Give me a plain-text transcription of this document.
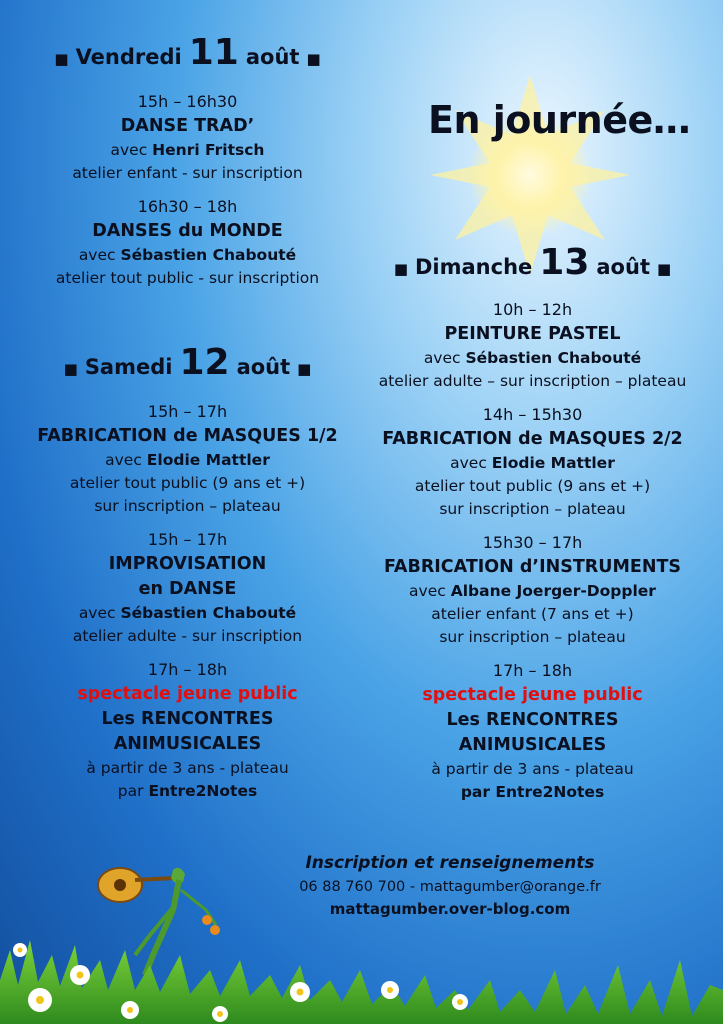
En journée…
■ Vendredi 11 août ■

15h – 16h30

DANSE TRAD’

avec Henri Fritsch

atelier enfant - sur inscription

16h30 – 18h

DANSES du MONDE

avec Sébastien Chabouté

atelier tout public - sur inscription

■ Samedi 12 août ■

15h – 17h

FABRICATION de MASQUES 1/2

avec Elodie Mattler

atelier tout public (9 ans et +)

sur inscription – plateau

15h – 17h

IMPROVISATION

en DANSE

avec Sébastien Chabouté

atelier adulte - sur inscription

17h – 18h

spectacle jeune public

Les RENCONTRES

ANIMUSICALES

à partir de 3 ans - plateau

par Entre2Notes

■ Dimanche 13 août ■

10h – 12h

PEINTURE PASTEL

avec Sébastien Chabouté

atelier adulte – sur inscription – plateau

14h – 15h30

FABRICATION de MASQUES 2/2

avec Elodie Mattler

atelier tout public (9 ans et +)

sur inscription – plateau

15h30 – 17h

FABRICATION d’INSTRUMENTS

avec Albane Joerger-Doppler

atelier enfant (7 ans et +)

sur inscription – plateau

17h – 18h

spectacle jeune public

Les RENCONTRES

ANIMUSICALES

à partir de 3 ans - plateau

par Entre2Notes

Inscription et renseignements
06 88 760 700 - mattagumber@orange.fr
mattagumber.over-blog.com
